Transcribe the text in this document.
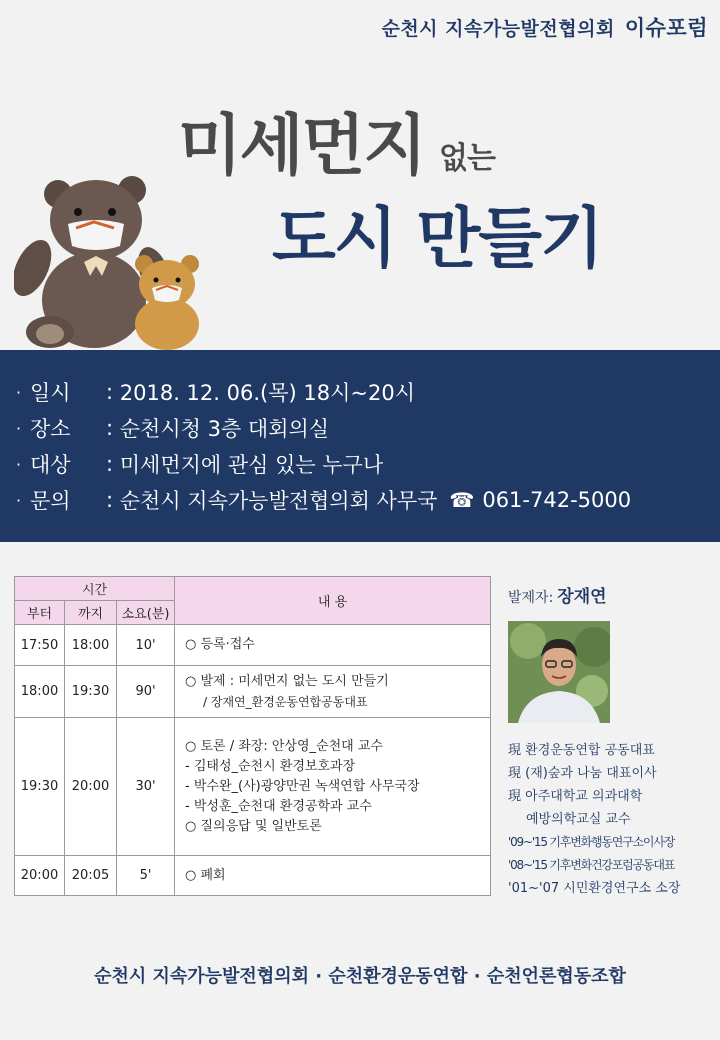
순천시 지속가능발전협의회 이슈포럼
미세먼지 없는
도시 만들기
· 일시	: 2018. 12. 06.(목) 18시~20시
· 장소	: 순천시청 3층 대회의실
· 대상	: 미세먼지에 관심 있는 누구나
· 문의	: 순천시 지속가능발전협의회 사무국 ☎ 061-742-5000
시간			내 용
부터	까지	소요(분)	
17:50	18:00	10'	○ 등록·접수

18:00	19:30	90'	○ 발제 : 미세먼지 없는 도시 만들기
/ 장재연_환경운동연합공동대표

19:30	20:00	30'	○ 토론 / 좌장: 안상영_순천대 교수
- 김태성_순천시 환경보호과장
- 박수완_(사)광양만권 녹색연합 사무국장
- 박성훈_순천대 환경공학과 교수
○ 질의응답 및 일반토론

20:00	20:05	5'	○ 폐회
발제자: 장재연
現 환경운동연합 공동대표
現 (재)숲과 나눔 대표이사
現 아주대학교 의과대학
예방의학교실 교수
'09~'15 기후변화행동연구소이사장
'08~'15 기후변화건강포럼공동대표
'01~'07 시민환경연구소 소장
순천시 지속가능발전협의회 · 순천환경운동연합 · 순천언론협동조합
